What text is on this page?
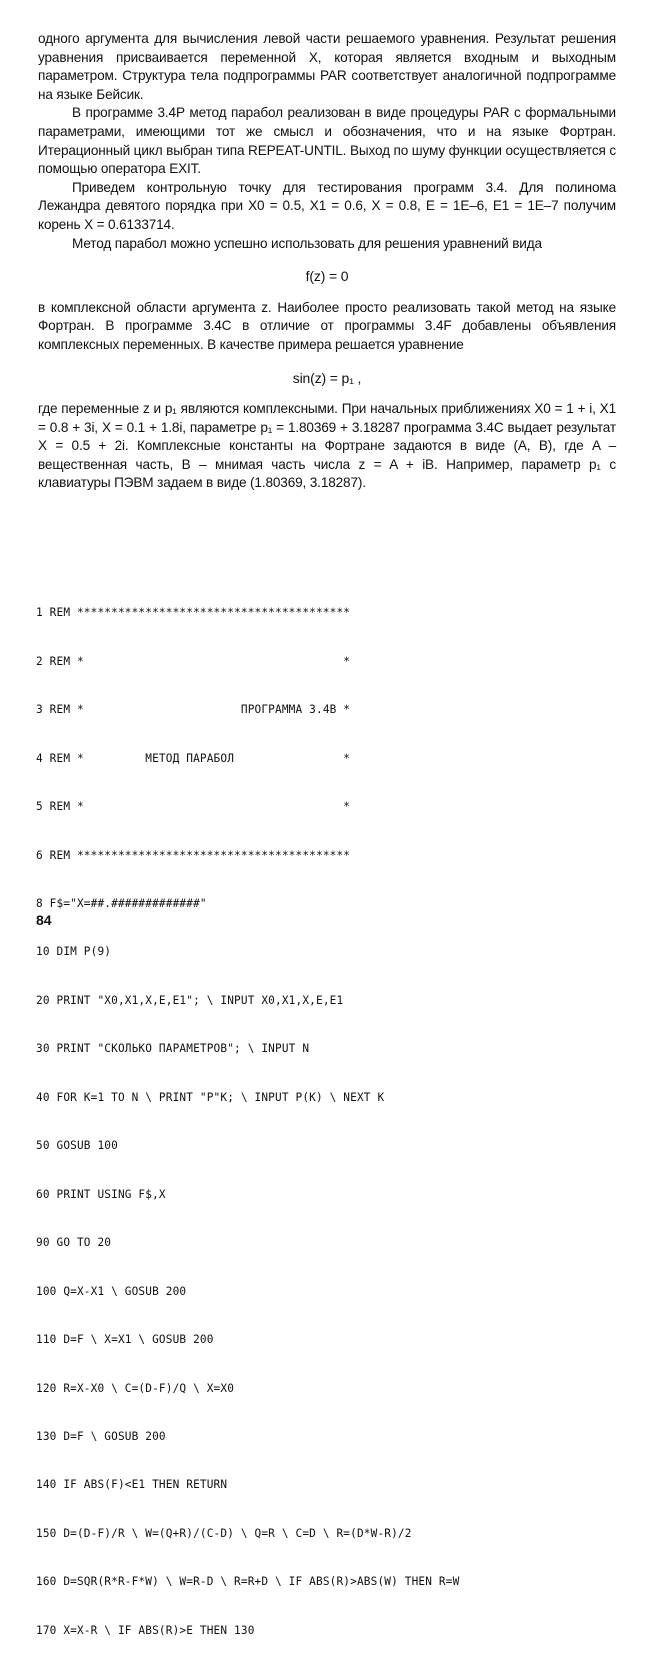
одного аргумента для вычисления левой части решаемого уравнения. Результат решения уравнения присваивается переменной X, которая является входным и выходным параметром. Структура тела подпрограммы PAR соответствует аналогичной подпрограмме на языке Бейсик.

В программе 3.4Р метод парабол реализован в виде процедуры PAR с формальными параметрами, имеющими тот же смысл и обозначения, что и на языке Фортран. Итерационный цикл выбран типа REPEAT-UNTIL. Выход по шуму функции осуществляется с помощью оператора EXIT.

Приведем контрольную точку для тестирования программ 3.4. Для полинома Лежандра девятого порядка при X0 = 0.5, X1 = 0.6, X = 0.8, E = 1E–6, E1 = 1E–7 получим корень X = 0.6133714.

Метод парабол можно успешно использовать для решения уравнений вида

f(z) = 0

в комплексной области аргумента z. Наиболее просто реализовать такой метод на языке Фортран. В программе 3.4С в отличие от программы 3.4F добавлены объявления комплексных переменных. В качестве примера решается уравнение

sin(z) = p₁ ,

где переменные z и p₁ являются комплексными. При начальных приближениях X0 = 1 + i, X1 = 0.8 + 3i, X = 0.1 + 1.8i, параметре p₁ = 1.80369 + 3.18287 программа 3.4С выдает результат X = 0.5 + 2i. Комплексные константы на Фортране задаются в виде (A, B), где A – вещественная часть, B – мнимая часть числа z = A + iB. Например, параметр p₁ с клавиатуры ПЭВМ задаем в виде (1.80369, 3.18287).

1 REM ****************************************

2 REM *                                      *

3 REM *                       ПРОГРАММА 3.4B *

4 REM *         МЕТОД ПАРАБОЛ                *

5 REM *                                      *

6 REM ****************************************

8 F$="X=##.#############"

10 DIM P(9)

20 PRINT "X0,X1,X,E,E1"; \ INPUT X0,X1,X,E,E1

30 PRINT "СКОЛЬКО ПАРАМЕТРОВ"; \ INPUT N

40 FOR K=1 TO N \ PRINT "P"K; \ INPUT P(K) \ NEXT K

50 GOSUB 100

60 PRINT USING F$,X

90 GO TO 20

100 Q=X-X1 \ GOSUB 200

110 D=F \ X=X1 \ GOSUB 200

120 R=X-X0 \ C=(D-F)/Q \ X=X0

130 D=F \ GOSUB 200

140 IF ABS(F)<E1 THEN RETURN

150 D=(D-F)/R \ W=(Q+R)/(C-D) \ Q=R \ C=D \ R=(D*W-R)/2

160 D=SQR(R*R-F*W) \ W=R-D \ R=R+D \ IF ABS(R)>ABS(W) THEN R=W

170 X=X-R \ IF ABS(R)>E THEN 130

84
